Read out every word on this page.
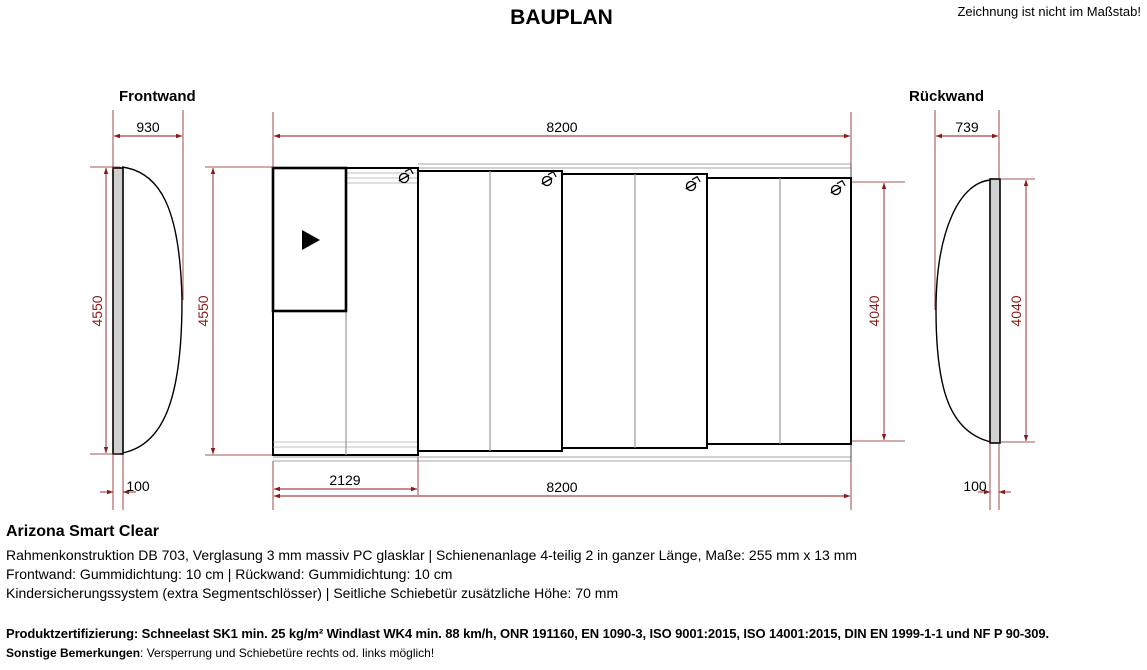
930
4550
100
8200
2129	8200
4550	4040
739
4040
100
BAUPLAN	Zeichnung ist nicht im Maßstab!
Frontwand	Rückwand
Arizona Smart Clear
Rahmenkonstruktion DB 703, Verglasung 3 mm massiv PC glasklar | Schienenanlage 4-teilig 2 in ganzer Länge, Maße: 255 mm x 13 mm
Frontwand: Gummidichtung: 10 cm | Rückwand: Gummidichtung: 10 cm
Kindersicherungssystem (extra Segmentschlösser) | Seitliche Schiebetür zusätzliche Höhe: 70 mm
Produktzertifizierung: Schneelast SK1 min. 25 kg/m² Windlast WK4 min. 88 km/h, ONR 191160, EN 1090-3, ISO 9001:2015, ISO 14001:2015, DIN EN 1999-1-1 und NF P 90-309.
Sonstige Bemerkungen: Versperrung und Schiebetüre rechts od. links möglich!
